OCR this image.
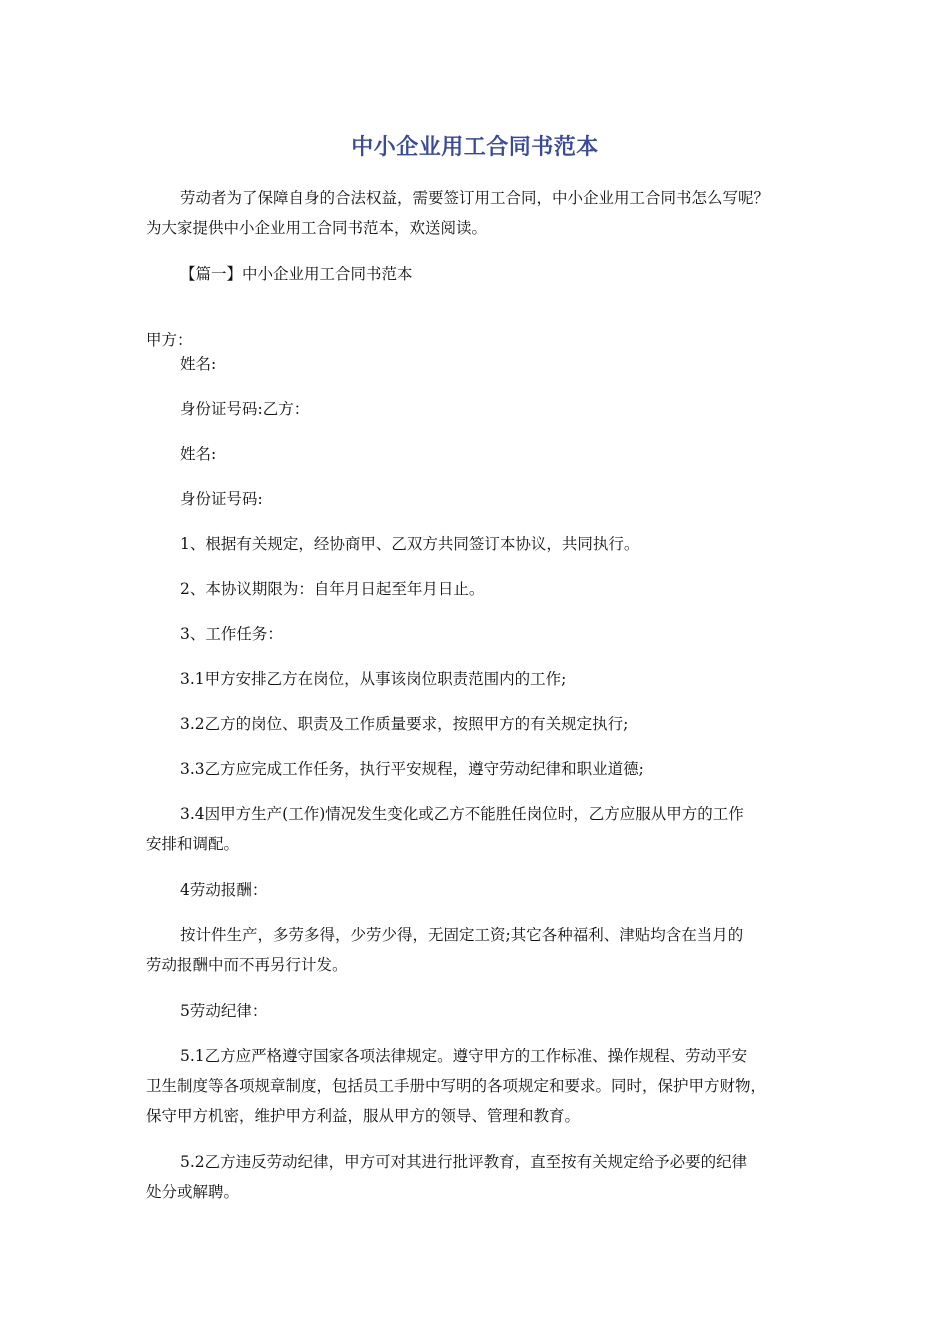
中小企业用工合同书范本
劳动者为了保障自身的合法权益，需要签订用工合同，中小企业用工合同书怎么写呢？
为大家提供中小企业用工合同书范本，欢送阅读。
【篇一】中小企业用工合同书范本
甲方：
姓名:
身份证号码:乙方：
姓名:
身份证号码:
1、根据有关规定，经协商甲、乙双方共同签订本协议，共同执行。
2、本协议期限为：自年月日起至年月日止。
3、工作任务：
3.1甲方安排乙方在岗位，从事该岗位职责范围内的工作;
3.2乙方的岗位、职责及工作质量要求，按照甲方的有关规定执行;
3.3乙方应完成工作任务，执行平安规程，遵守劳动纪律和职业道德;
3.4因甲方生产(工作)情况发生变化或乙方不能胜任岗位时，乙方应服从甲方的工作
安排和调配。
4劳动报酬：
按计件生产，多劳多得，少劳少得，无固定工资;其它各种福利、津贴均含在当月的
劳动报酬中而不再另行计发。
5劳动纪律：
5.1乙方应严格遵守国家各项法律规定。遵守甲方的工作标准、操作规程、劳动平安
卫生制度等各项规章制度，包括员工手册中写明的各项规定和要求。同时，保护甲方财物，
保守甲方机密，维护甲方利益，服从甲方的领导、管理和教育。
5.2乙方违反劳动纪律，甲方可对其进行批评教育，直至按有关规定给予必要的纪律
处分或解聘。
